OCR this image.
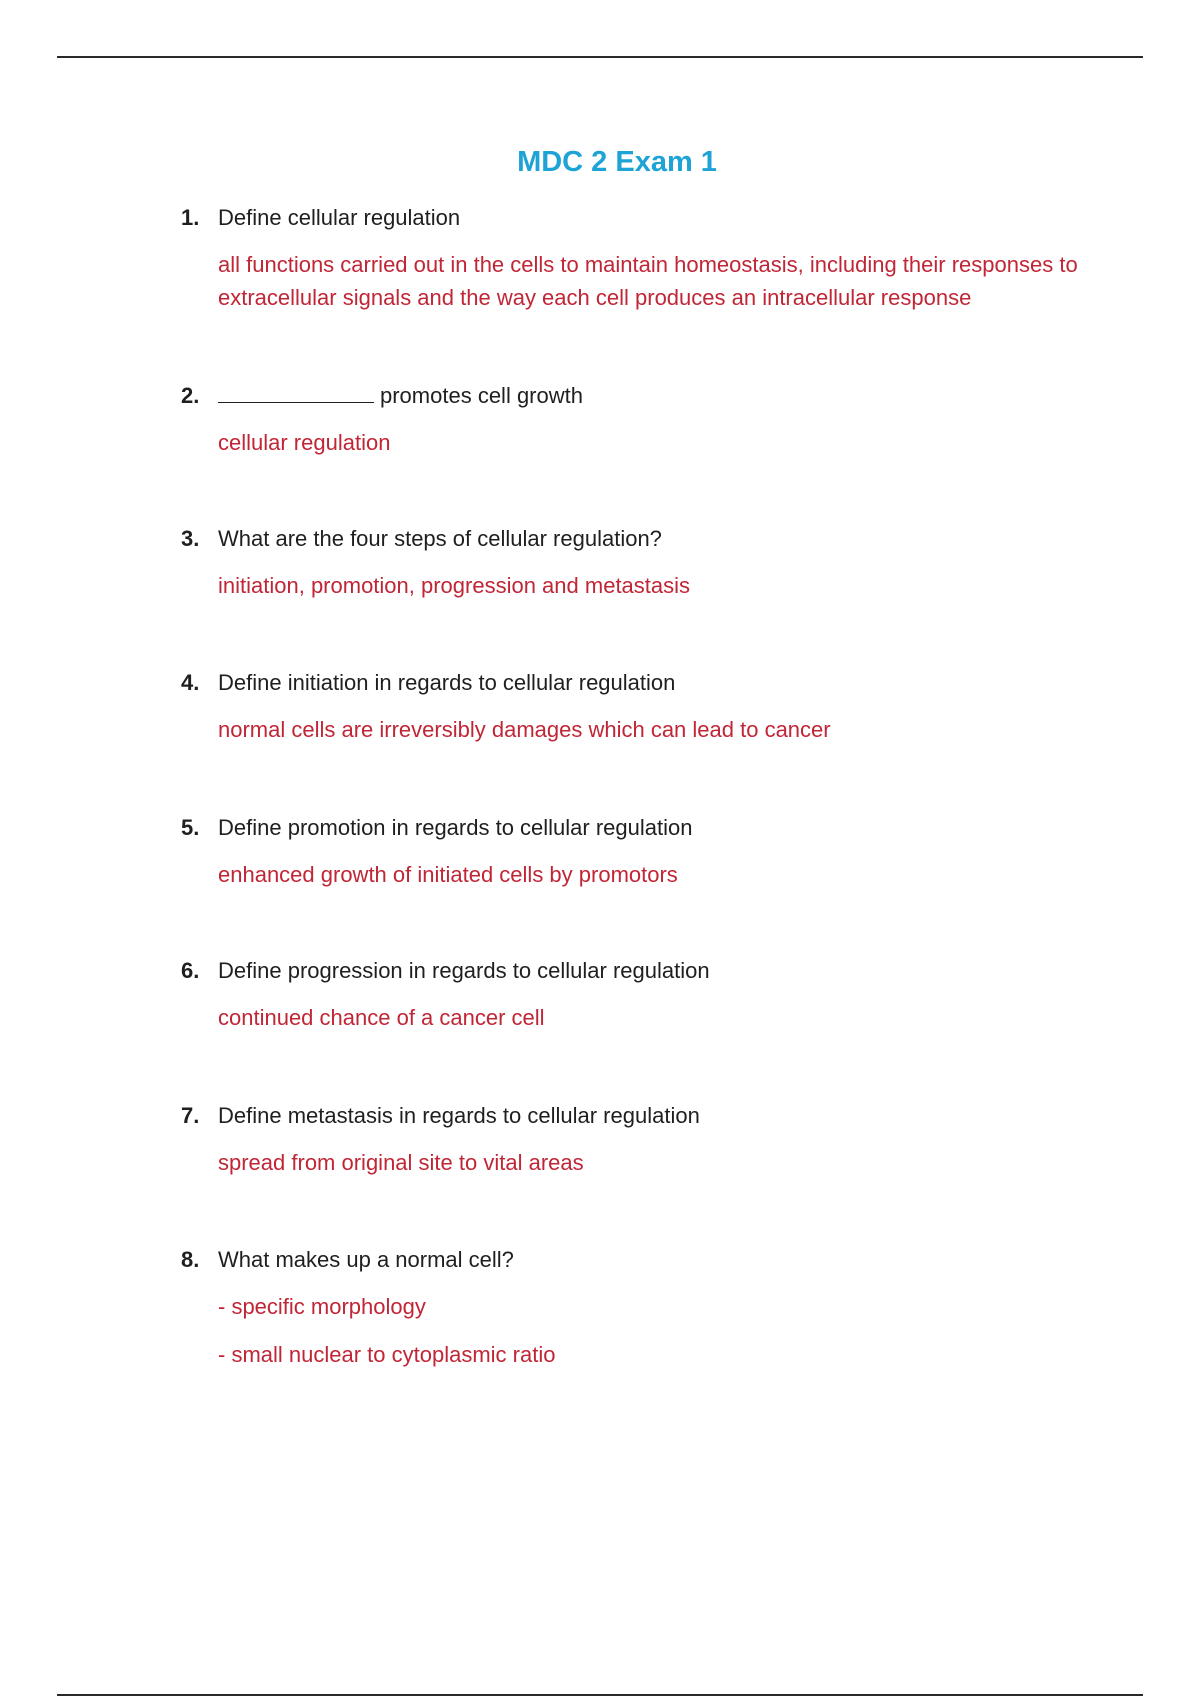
MDC 2 Exam 1
1. Define cellular regulation
all functions carried out in the cells to maintain homeostasis, including their responses to extracellular signals and the way each cell produces an intracellular response
2.	promotes cell growth
cellular regulation
3. What are the four steps of cellular regulation?
initiation, promotion, progression and metastasis
4. Define initiation in regards to cellular regulation
normal cells are irreversibly damages which can lead to cancer
5. Define promotion in regards to cellular regulation
enhanced growth of initiated cells by promotors
6. Define progression in regards to cellular regulation
continued chance of a cancer cell
7. Define metastasis in regards to cellular regulation
spread from original site to vital areas
8. What makes up a normal cell?
- specific morphology
- small nuclear to cytoplasmic ratio
